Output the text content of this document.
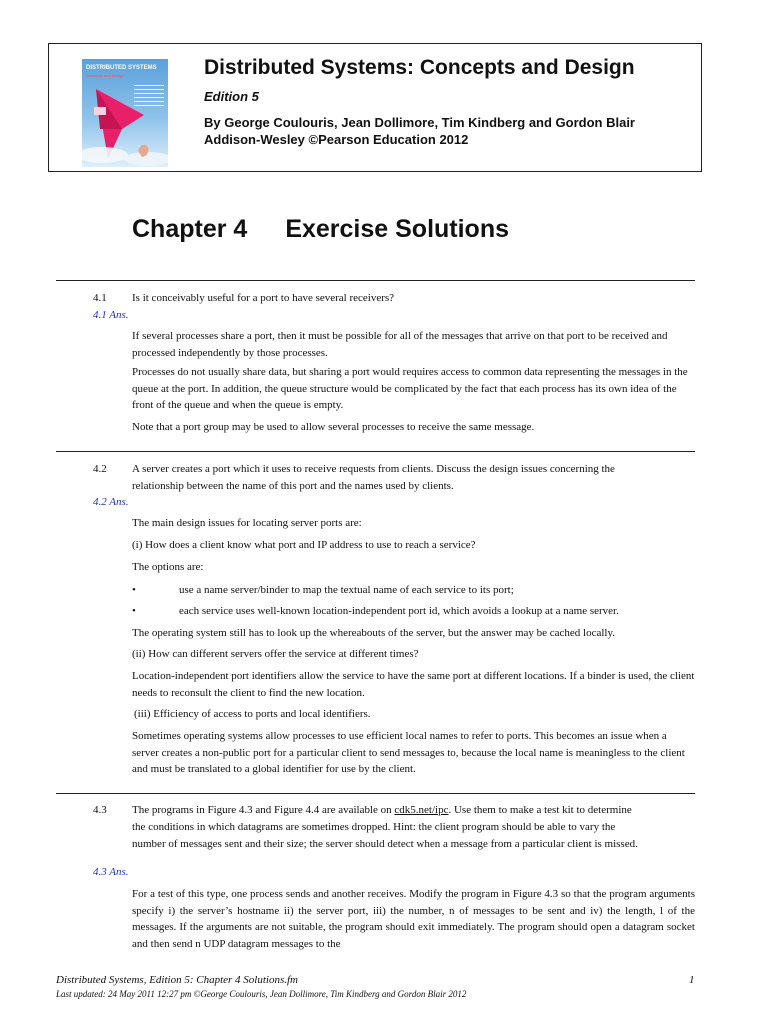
DISTRIBUTED SYSTEMS
Concepts and Design	Distributed Systems: Concepts and Design
Edition 5
By George Coulouris, Jean Dollimore, Tim Kindberg and Gordon Blair
Addison-Wesley ©Pearson Education 2012
Chapter 4 Exercise Solutions
4.1 Is it conceivably useful for a port to have several receivers?
4.1 Ans.
If several processes share a port, then it must be possible for all of the messages that arrive on that port to be received and processed independently by those processes.
Processes do not usually share data, but sharing a port would requires access to common data representing the messages in the queue at the port. In addition, the queue structure would be complicated by the fact that each process has its own idea of the front of the queue and when the queue is empty.
Note that a port group may be used to allow several processes to receive the same message.
4.2 A server creates a port which it uses to receive requests from clients. Discuss the design issues concerning the relationship between the name of this port and the names used by clients.
4.2 Ans.
The main design issues for locating server ports are:
(i) How does a client know what port and IP address to use to reach a service?
The options are:
•	use a name server/binder to map the textual name of each service to its port;
•	each service uses well-known location-independent port id, which avoids a lookup at a name server.
The operating system still has to look up the whereabouts of the server, but the answer may be cached locally.
(ii) How can different servers offer the service at different times?
Location-independent port identifiers allow the service to have the same port at different locations. If a binder is used, the client needs to reconsult the client to find the new location.
(iii) Efficiency of access to ports and local identifiers.
Sometimes operating systems allow processes to use efficient local names to refer to ports. This becomes an issue when a server creates a non-public port for a particular client to send messages to, because the local name is meaningless to the client and must be translated to a global identifier for use by the client.
4.3 The programs in Figure 4.3 and Figure 4.4 are available on cdk5.net/ipc. Use them to make a test kit to determine the conditions in which datagrams are sometimes dropped. Hint: the client program should be able to vary the number of messages sent and their size; the server should detect when a message from a particular client is missed.
4.3 Ans.
For a test of this type, one process sends and another receives. Modify the program in Figure 4.3 so that the program arguments specify i) the server’s hostname ii) the server port, iii) the number, n of messages to be sent and iv) the length, l of the messages. If the arguments are not suitable, the program should exit immediately. The program should open a datagram socket and then send n UDP datagram messages to the
Distributed Systems, Edition 5: Chapter 4 Solutions.fm	1
Last updated: 24 May 2011 12:27 pm ©George Coulouris, Jean Dollimore, Tim Kindberg and Gordon Blair 2012
